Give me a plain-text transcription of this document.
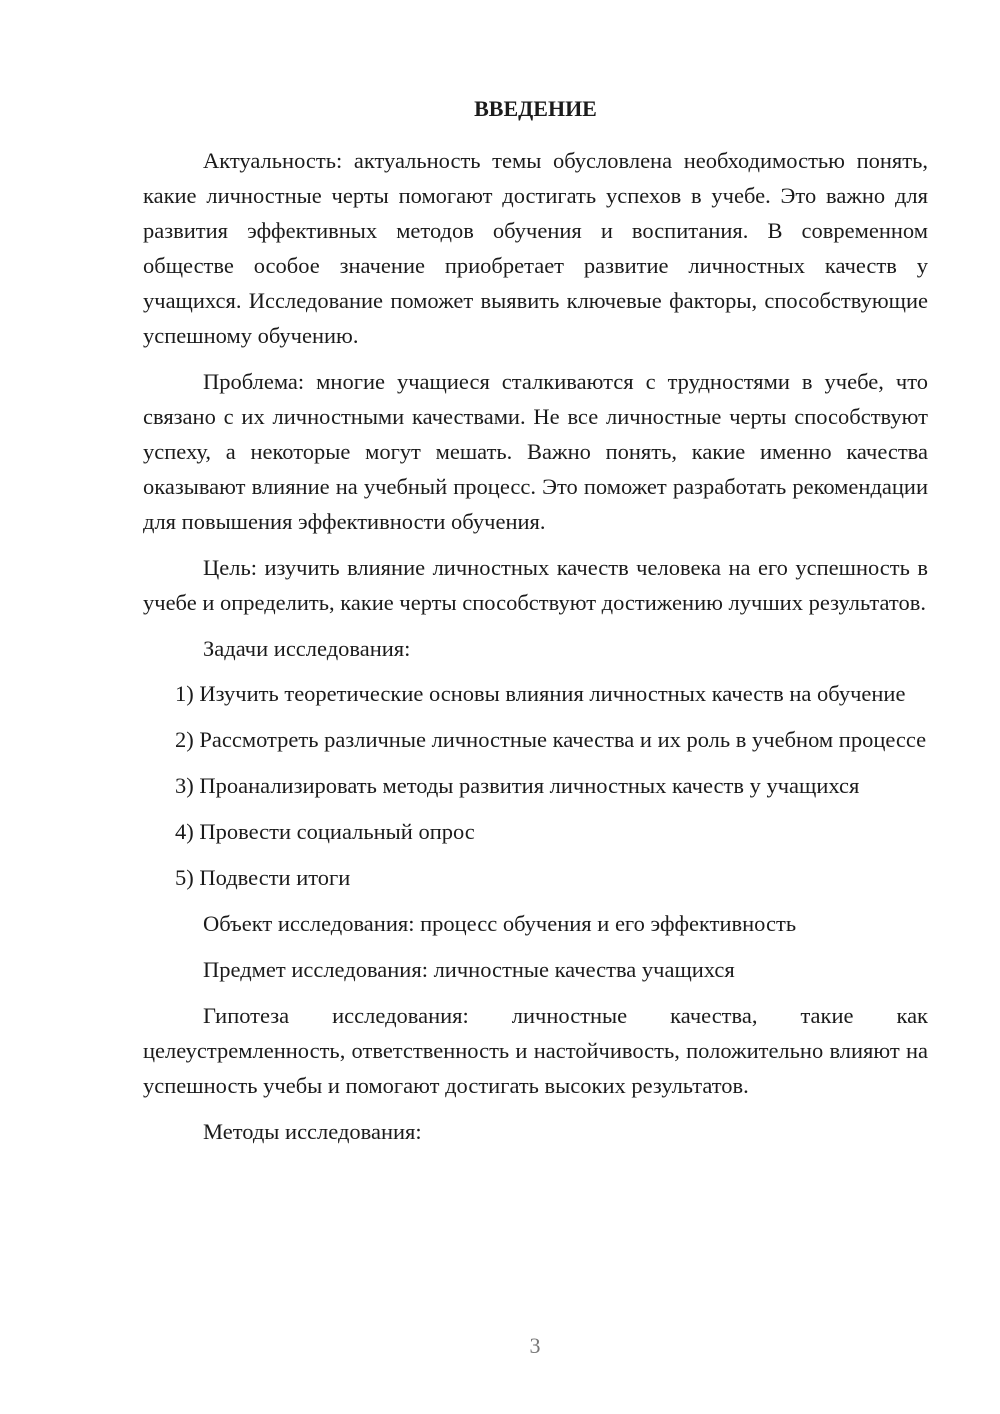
ВВЕДЕНИЕ
Актуальность: актуальность темы обусловлена необходимостью понять, какие личностные черты помогают достигать успехов в учебе. Это важно для развития эффективных методов обучения и воспитания. В современном обществе особое значение приобретает развитие личностных качеств у учащихся. Исследование поможет выявить ключевые факторы, способствующие успешному обучению.
Проблема: многие учащиеся сталкиваются с трудностями в учебе, что связано с их личностными качествами. Не все личностные черты способствуют успеху, а некоторые могут мешать. Важно понять, какие именно качества оказывают влияние на учебный процесс. Это поможет разработать рекомендации для повышения эффективности обучения.
Цель: изучить влияние личностных качеств человека на его успешность в учебе и определить, какие черты способствуют достижению лучших результатов.
Задачи исследования:
1) Изучить теоретические основы влияния личностных качеств на обучение
2) Рассмотреть различные личностные качества и их роль в учебном процессе
3) Проанализировать методы развития личностных качеств у учащихся
4) Провести социальный опрос
5) Подвести итоги
Объект исследования: процесс обучения и его эффективность
Предмет исследования: личностные качества учащихся
Гипотеза исследования: личностные качества, такие как целеустремленность, ответственность и настойчивость, положительно влияют на успешность учебы и помогают достигать высоких результатов.
Методы исследования:
3
